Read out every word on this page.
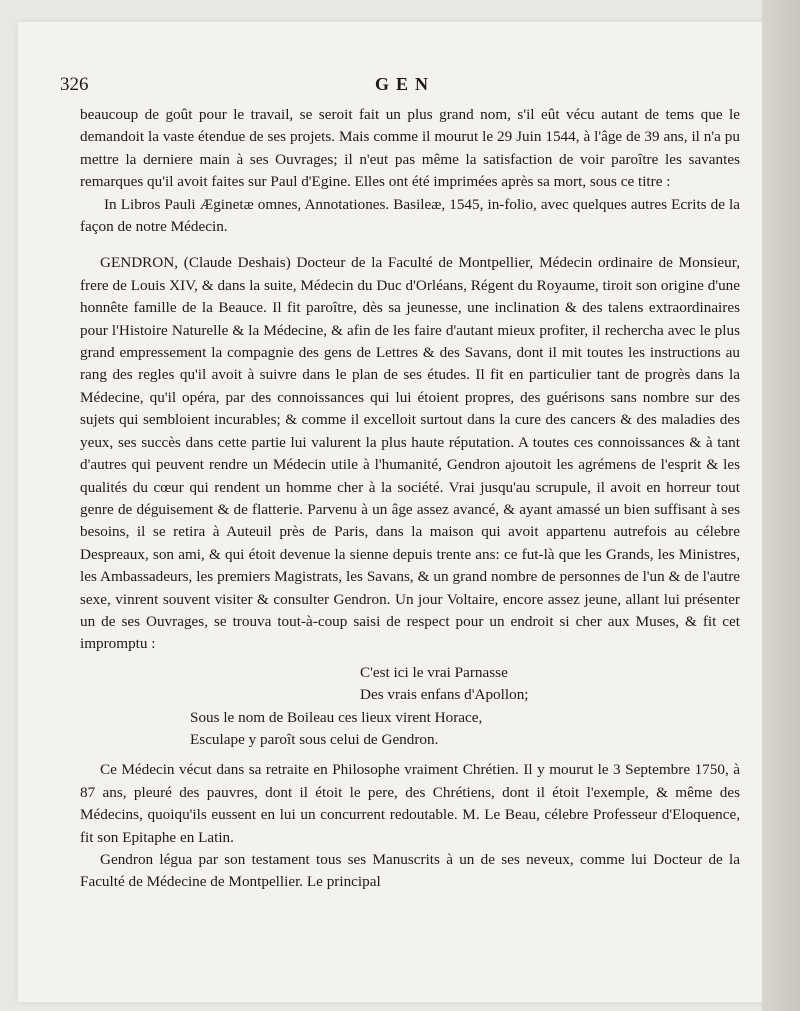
326	GEN

beaucoup de goût pour le travail, se seroit fait un plus grand nom, s'il eût vécu autant de tems que le demandoit la vaste étendue de ses projets. Mais comme il mourut le 29 Juin 1544, à l'âge de 39 ans, il n'a pu mettre la derniere main à ses Ouvrages; il n'eut pas même la satisfaction de voir paroître les savantes remarques qu'il avoit faites sur Paul d'Egine. Elles ont été imprimées après sa mort, sous ce titre :

In Libros Pauli Æginetæ omnes, Annotationes. Basileæ, 1545, in-folio, avec quelques autres Ecrits de la façon de notre Médecin.

GENDRON, (Claude Deshais) Docteur de la Faculté de Montpellier, Médecin ordinaire de Monsieur, frere de Louis XIV, & dans la suite, Médecin du Duc d'Orléans, Régent du Royaume, tiroit son origine d'une honnête famille de la Beauce. Il fit paroître, dès sa jeunesse, une inclination & des talens extraordinaires pour l'Histoire Naturelle & la Médecine, & afin de les faire d'autant mieux profiter, il rechercha avec le plus grand empressement la compagnie des gens de Lettres & des Savans, dont il mit toutes les instructions au rang des regles qu'il avoit à suivre dans le plan de ses études. Il fit en particulier tant de progrès dans la Médecine, qu'il opéra, par des connoissances qui lui étoient propres, des guérisons sans nombre sur des sujets qui sembloient incurables; & comme il excelloit surtout dans la cure des cancers & des maladies des yeux, ses succès dans cette partie lui valurent la plus haute réputation. A toutes ces connoissances & à tant d'autres qui peuvent rendre un Médecin utile à l'humanité, Gendron ajoutoit les agrémens de l'esprit & les qualités du cœur qui rendent un homme cher à la société. Vrai jusqu'au scrupule, il avoit en horreur tout genre de déguisement & de flatterie. Parvenu à un âge assez avancé, & ayant amassé un bien suffisant à ses besoins, il se retira à Auteuil près de Paris, dans la maison qui avoit appartenu autrefois au célebre Despreaux, son ami, & qui étoit devenue la sienne depuis trente ans: ce fut-là que les Grands, les Ministres, les Ambassadeurs, les premiers Magistrats, les Savans, & un grand nombre de personnes de l'un & de l'autre sexe, vinrent souvent visiter & consulter Gendron. Un jour Voltaire, encore assez jeune, allant lui présenter un de ses Ouvrages, se trouva tout-à-coup saisi de respect pour un endroit si cher aux Muses, & fit cet impromptu :

C'est ici le vrai Parnasse
Des vrais enfans d'Apollon;
Sous le nom de Boileau ces lieux virent Horace,
Esculape y paroît sous celui de Gendron.

Ce Médecin vécut dans sa retraite en Philosophe vraiment Chrétien. Il y mourut le 3 Septembre 1750, à 87 ans, pleuré des pauvres, dont il étoit le pere, des Chrétiens, dont il étoit l'exemple, & même des Médecins, quoiqu'ils eussent en lui un concurrent redoutable. M. Le Beau, célebre Professeur d'Eloquence, fit son Epitaphe en Latin.

Gendron légua par son testament tous ses Manuscrits à un de ses neveux, comme lui Docteur de la Faculté de Médecine de Montpellier. Le principal
